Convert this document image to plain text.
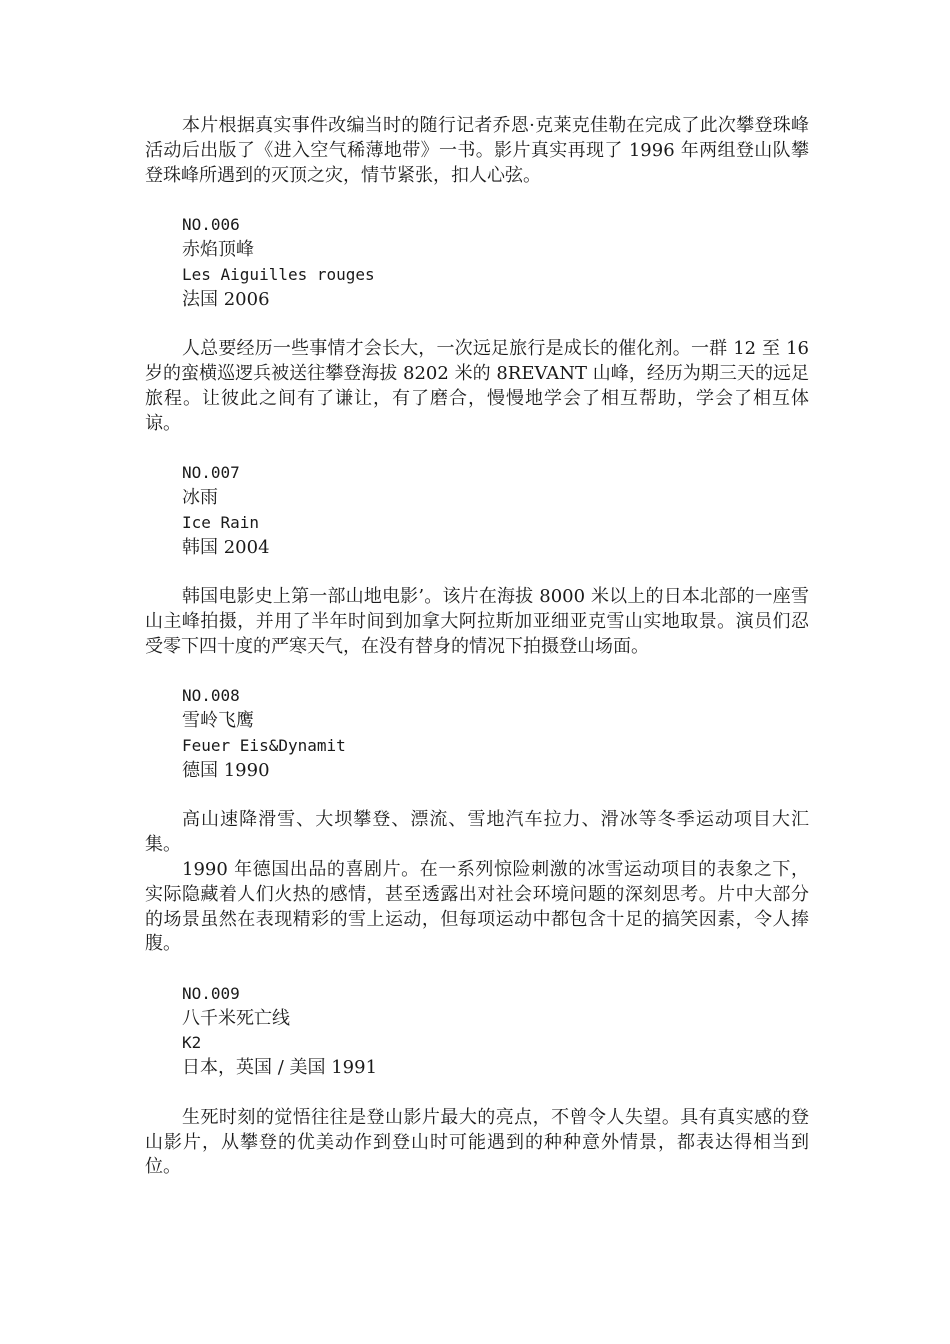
本片根据真实事件改编当时的随行记者乔恩·克莱克佳勒在完成了此次攀登珠峰活动后出版了《进入空气稀薄地带》一书。影片真实再现了 1996 年两组登山队攀登珠峰所遇到的灭顶之灾，情节紧张，扣人心弦。

NO.006
赤焰顶峰
Les Aiguilles rouges
法国 2006

人总要经历一些事情才会长大，一次远足旅行是成长的催化剂。一群 12 至 16 岁的蛮横巡逻兵被送往攀登海拔 8202 米的 8REVANT 山峰，经历为期三天的远足旅程。让彼此之间有了谦让，有了磨合，慢慢地学会了相互帮助，学会了相互体谅。

NO.007
冰雨
Ice Rain
韩国 2004

韩国电影史上第一部山地电影’。该片在海拔 8000 米以上的日本北部的一座雪山主峰拍摄，并用了半年时间到加拿大阿拉斯加亚细亚克雪山实地取景。演员们忍受零下四十度的严寒天气，在没有替身的情况下拍摄登山场面。

NO.008
雪岭飞鹰
Feuer Eis&Dynamit
德国 1990

高山速降滑雪、大坝攀登、漂流、雪地汽车拉力、滑冰等冬季运动项目大汇集。

1990 年德国出品的喜剧片。在一系列惊险刺激的冰雪运动项目的表象之下，实际隐藏着人们火热的感情，甚至透露出对社会环境问题的深刻思考。片中大部分的场景虽然在表现精彩的雪上运动，但每项运动中都包含十足的搞笑因素，令人捧腹。

NO.009
八千米死亡线
K2
日本，英国 / 美国 1991

生死时刻的觉悟往往是登山影片最大的亮点，不曾令人失望。具有真实感的登山影片，从攀登的优美动作到登山时可能遇到的种种意外情景，都表达得相当到位。
